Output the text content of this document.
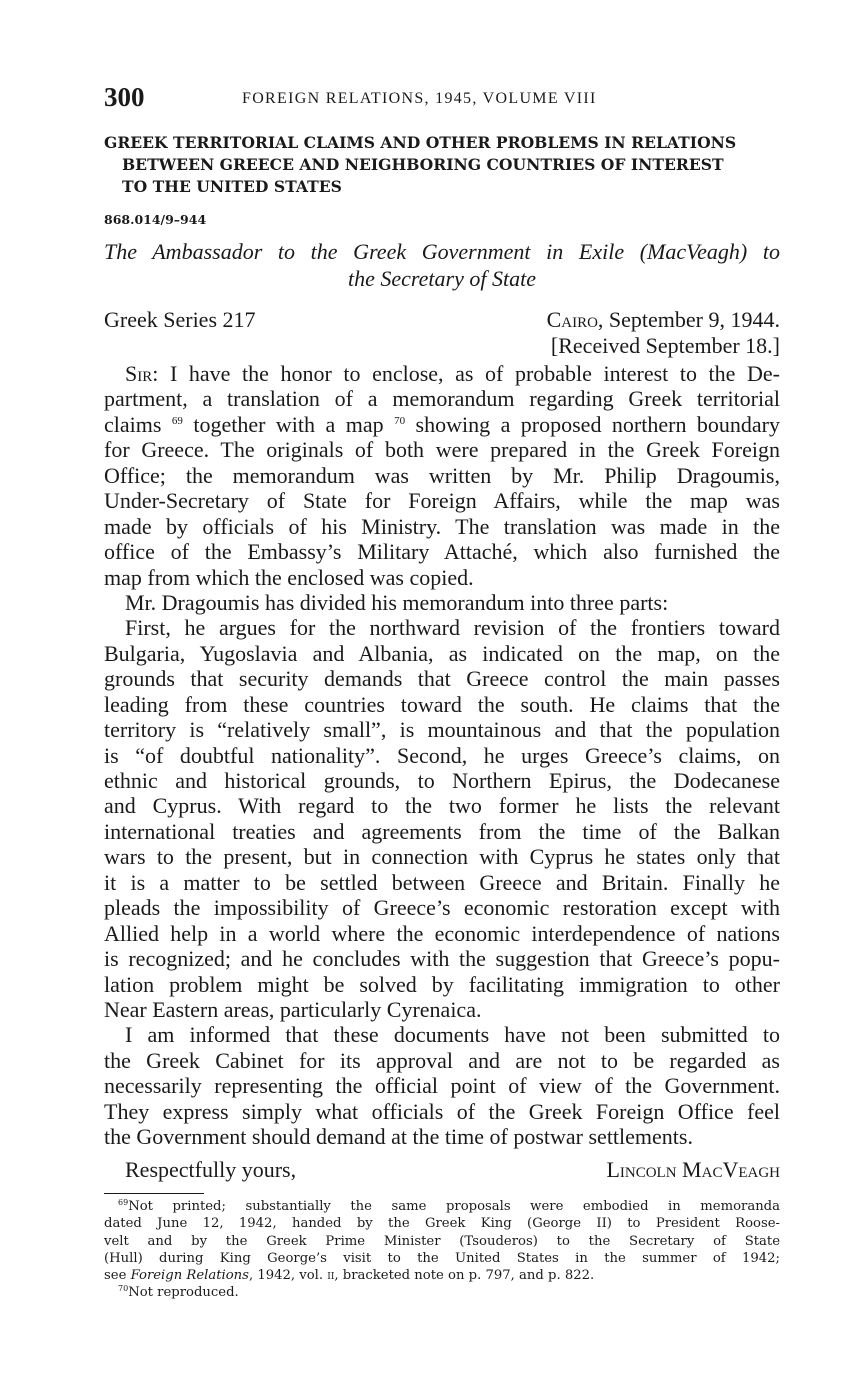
300	FOREIGN RELATIONS, 1945, VOLUME VIII
GREEK TERRITORIAL CLAIMS AND OTHER PROBLEMS IN RELATIONS
BETWEEN GREECE AND NEIGHBORING COUNTRIES OF INTEREST
TO THE UNITED STATES
868.014/9–944
The Ambassador to the Greek Government in Exile (MacVeagh) to
the Secretary of State
Greek Series 217	Cairo, September 9, 1944.
[Received September 18.]
Sir: I have the honor to enclose, as of probable interest to the De-
partment, a translation of a memorandum regarding Greek territorial
claims $^{69}$ together with a map $^{70}$ showing a proposed northern boundary
for Greece. The originals of both were prepared in the Greek Foreign
Office; the memorandum was written by Mr. Philip Dragoumis,
Under-Secretary of State for Foreign Affairs, while the map was
made by officials of his Ministry. The translation was made in the
office of the Embassy’s Military Attaché, which also furnished the
map from which the enclosed was copied.
Mr. Dragoumis has divided his memorandum into three parts:
First, he argues for the northward revision of the frontiers toward
Bulgaria, Yugoslavia and Albania, as indicated on the map, on the
grounds that security demands that Greece control the main passes
leading from these countries toward the south. He claims that the
territory is “relatively small”, is mountainous and that the population
is “of doubtful nationality”. Second, he urges Greece’s claims, on
ethnic and historical grounds, to Northern Epirus, the Dodecanese
and Cyprus. With regard to the two former he lists the relevant
international treaties and agreements from the time of the Balkan
wars to the present, but in connection with Cyprus he states only that
it is a matter to be settled between Greece and Britain. Finally he
pleads the impossibility of Greece’s economic restoration except with
Allied help in a world where the economic interdependence of nations
is recognized; and he concludes with the suggestion that Greece’s popu-
lation problem might be solved by facilitating immigration to other
Near Eastern areas, particularly Cyrenaica.
I am informed that these documents have not been submitted to
the Greek Cabinet for its approval and are not to be regarded as
necessarily representing the official point of view of the Government.
They express simply what officials of the Greek Foreign Office feel
the Government should demand at the time of postwar settlements.
Respectfully yours,	Lincoln MacVeagh
$^{69}$Not printed; substantially the same proposals were embodied in memoranda
dated June 12, 1942, handed by the Greek King (George II) to President Roose-
velt and by the Greek Prime Minister (Tsouderos) to the Secretary of State
(Hull) during King George’s visit to the United States in the summer of 1942;
see Foreign Relations, 1942, vol. ii, bracketed note on p. 797, and p. 822.
$^{70}$Not reproduced.
